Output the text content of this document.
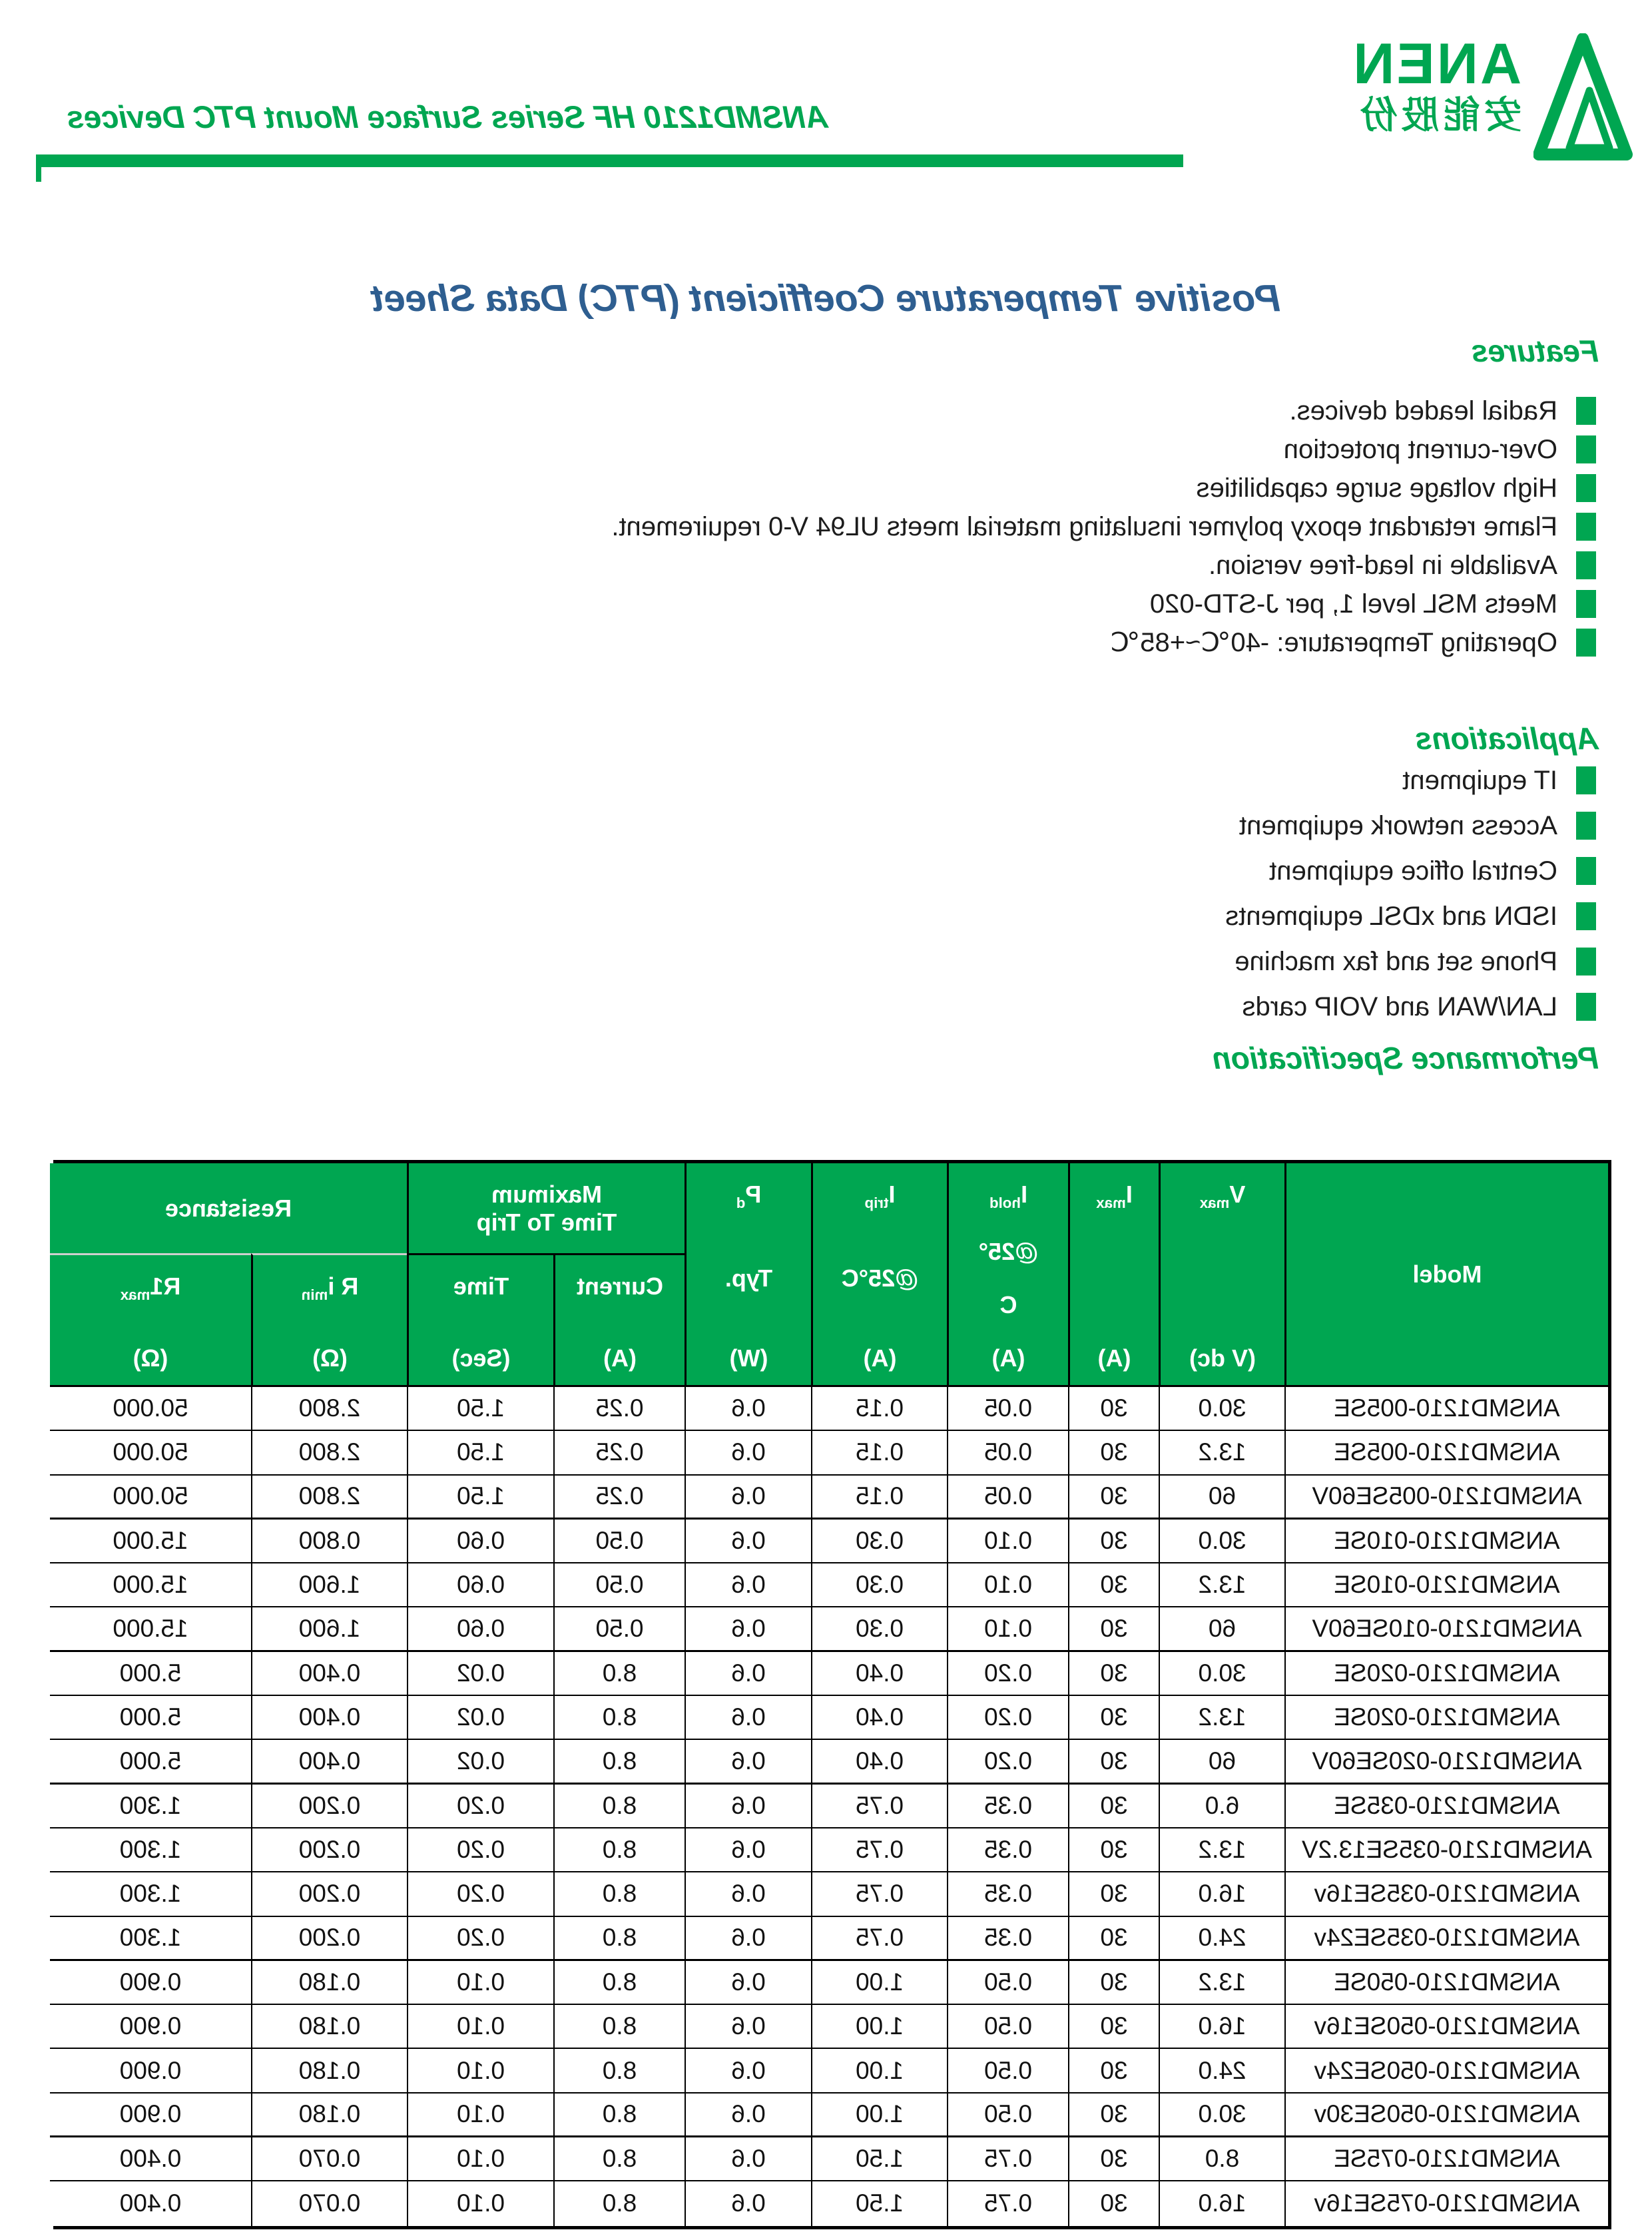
ANEN
安能股份
ANSMD1210 HF Series Surface Mount PTC Devices
Positive Temperature Coefficient (PTC) Data Sheet
Features
Radial leaded devices.
Over-current protection
High voltage surge capabilities
Flame retardant epoxy polymer insulating material meets UL94 V-0 requirement.
Available in lead-free version.
Meets MSL level 1, per J-STD-020
Operating Temperature: -40℃~+85℃
Applications
IT equipment
Access network equipment
Central office equipment
ISDN and xDSL equipments
Phone set and fax machine
LAN/WAN and VOIP cards
Performance Specification
Model
$V_{max}$
(V dc)
$I_{max}$
(A)
$I_{hold}$
@25°
C
(A)
$I_{trip}$
@25°C
(A)
$P_d$
Typ.
(W)
Maximum
Time To Trip
Resistance
Current
(A)
Time
(Sec)
R $i_{min}$
(Ω)
$R1_{max}$
(Ω)
ANSMD1210-005SE
30.0
30
0.05
0.15
0.6
0.25
1.50
2.800
50.000
ANSMD1210-005SE
13.2
30
0.05
0.15
0.6
0.25
1.50
2.800
50.000
ANSMD1210-005SE60V
60
30
0.05
0.15
0.6
0.25
1.50
2.800
50.000
ANSMD1210-010SE
30.0
30
0.10
0.30
0.6
0.50
0.60
0.800
15.000
ANSMD1210-010SE
13.2
30
0.10
0.30
0.6
0.50
0.60
1.600
15.000
ANSMD1210-010SE60V
60
30
0.10
0.30
0.6
0.50
0.60
1.600
15.000
ANSMD1210-020SE
30.0
30
0.20
0.40
0.6
8.0
0.02
0.400
5.000
ANSMD1210-020SE
13.2
30
0.20
0.40
0.6
8.0
0.02
0.400
5.000
ANSMD1210-020SE60V
60
30
0.20
0.40
0.6
8.0
0.02
0.400
5.000
ANSMD1210-035SE
6.0
30
0.35
0.75
0.6
8.0
0.20
0.200
1.300
ANSMD1210-035SE13.2V
13.2
30
0.35
0.75
0.6
8.0
0.20
0.200
1.300
ANSMD1210-035SE16v
16.0
30
0.35
0.75
0.6
8.0
0.20
0.200
1.300
ANSMD1210-035SE24v
24.0
30
0.35
0.75
0.6
8.0
0.20
0.200
1.300
ANSMD1210-050SE
13.2
30
0.50
1.00
0.6
8.0
0.10
0.180
0.900
ANSMD1210-050SE16v
16.0
30
0.50
1.00
0.6
8.0
0.10
0.180
0.900
ANSMD1210-050SE24v
24.0
30
0.50
1.00
0.6
8.0
0.10
0.180
0.900
ANSMD1210-050SE30v
30.0
30
0.50
1.00
0.6
8.0
0.10
0.180
0.900
ANSMD1210-075SE
8.0
30
0.75
1.50
0.6
8.0
0.10
0.070
0.400
ANSMD1210-075SE16v
16.0
30
0.75
1.50
0.6
8.0
0.10
0.070
0.400
